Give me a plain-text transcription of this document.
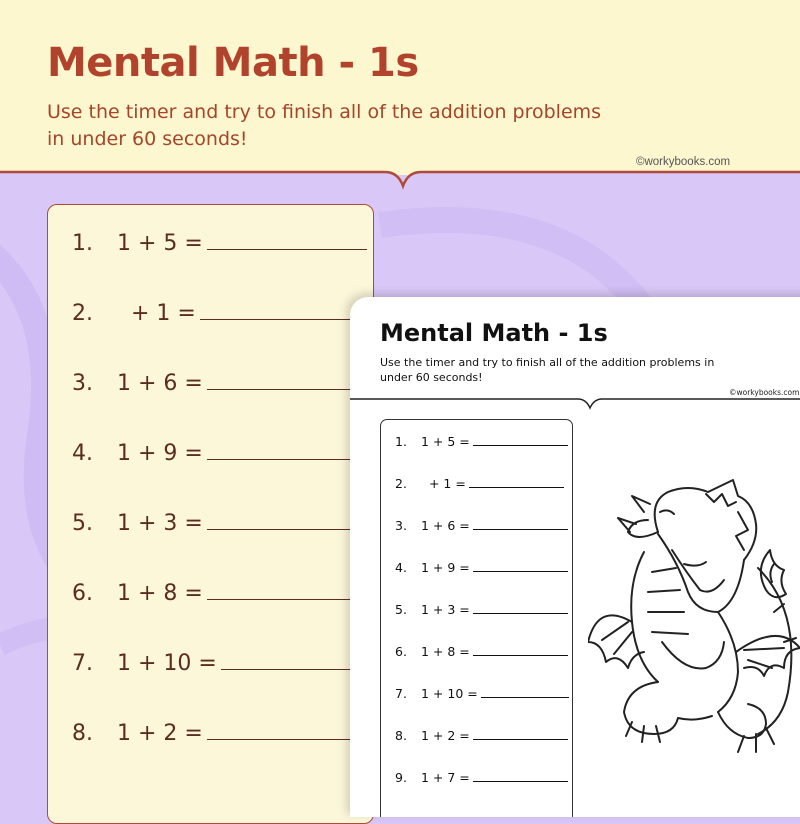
Mental Math - 1s
Use the timer and try to finish all of the addition problems in under 60 seconds!
©workybooks.com
1.	1 + 5 =
2.	+ 1 =
3.	1 + 6 =
4.	1 + 9 =
5.	1 + 3 =
6.	1 + 8 =
7.	1 + 10 =
8.	1 + 2 =
Mental Math - 1s
Use the timer and try to finish all of the addition problems in under 60 seconds!
©workybooks.com
1.	1 + 5 =
2.	+ 1 =
3.	1 + 6 =
4.	1 + 9 =
5.	1 + 3 =
6.	1 + 8 =
7.	1 + 10 =
8.	1 + 2 =
9.	1 + 7 =
